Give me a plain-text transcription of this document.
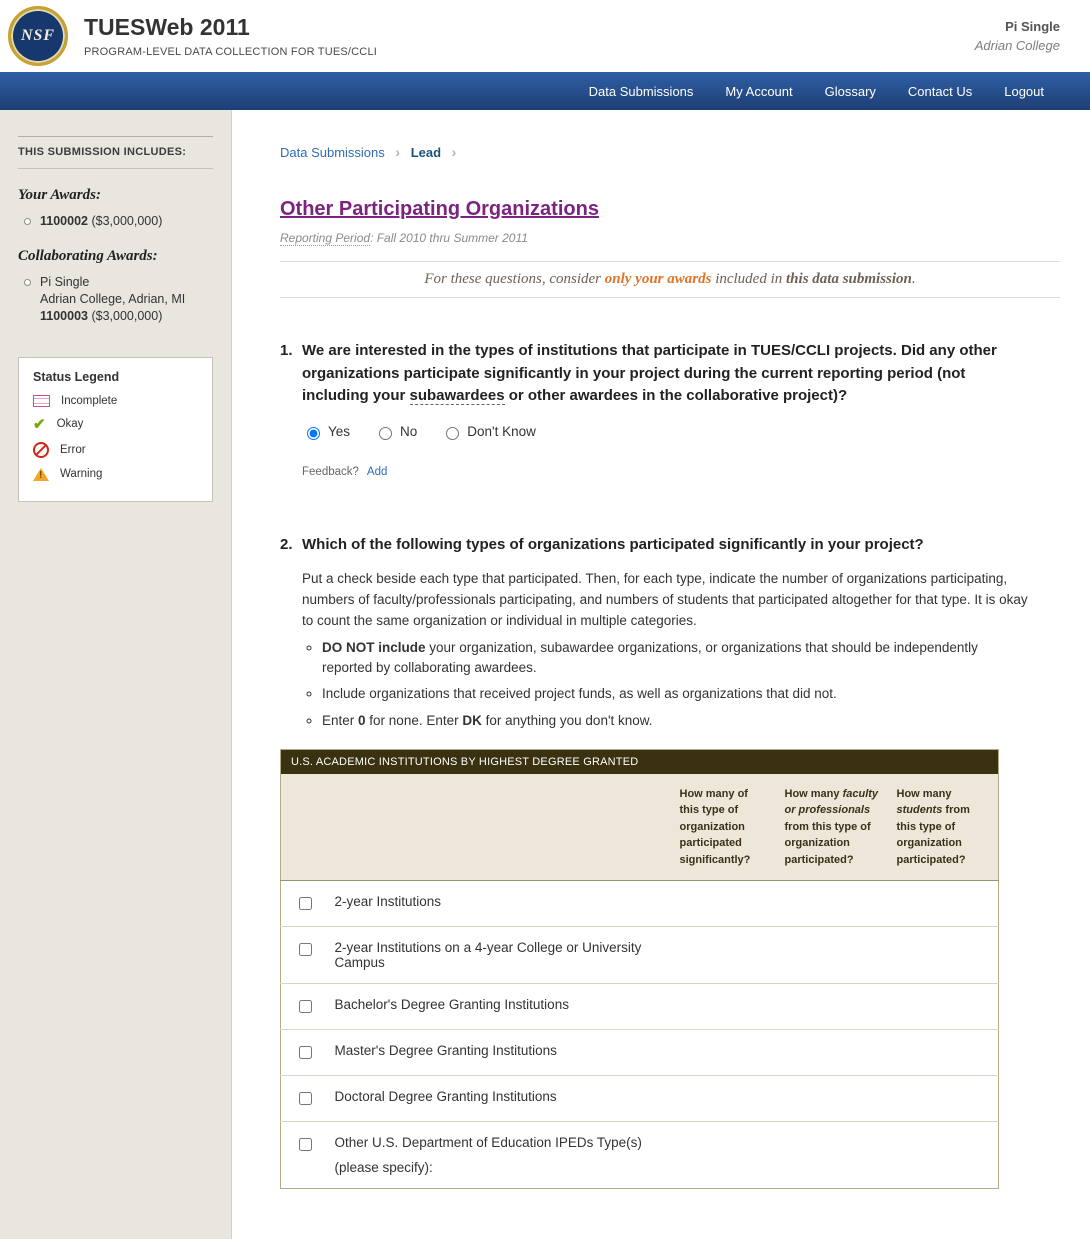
NSF	TUESWeb 2011
PROGRAM-LEVEL DATA COLLECTION FOR TUES/CCLI
Pi Single
Adrian College
Data Submissions	My Account	Glossary	Contact Us	Logout
THIS SUBMISSION INCLUDES:
Your Awards:
1100002 ($3,000,000)
Collaborating Awards:
Pi Single
Adrian College, Adrian, MI
1100003 ($3,000,000)
Status Legend
Incomplete
✔ Okay
Error
!
Warning
Data Submissions › Lead ›
Other Participating Organizations
Reporting Period: Fall 2010 thru Summer 2011
For these questions, consider only your awards included in this data submission.
1. We are interested in the types of institutions that participate in TUES/CCLI projects. Did any other organizations participate significantly in your project during the current reporting period (not including your subawardees or other awardees in the collaborative project)?
Yes	No	Don't Know
Feedback? Add
2. Which of the following types of organizations participated significantly in your project?
Put a check beside each type that participated. Then, for each type, indicate the number of organizations participating, numbers of faculty/professionals participating, and numbers of students that participated altogether for that type. It is okay to count the same organization or individual in multiple categories.
◦ DO NOT include your organization, subawardee organizations, or organizations that should be independently reported by collaborating awardees.
◦ Include organizations that received project funds, as well as organizations that did not.
◦ Enter 0 for none. Enter DK for anything you don't know.
U.S. ACADEMIC INSTITUTIONS BY HIGHEST DEGREE GRANTED				
		How many of this type of organization participated significantly?	How many faculty or professionals from this type of organization participated?	How many students from this type of organization participated?
	2-year Institutions			
	2-year Institutions on a 4-year College or University Campus			
	Bachelor's Degree Granting Institutions			
	Master's Degree Granting Institutions			
	Doctoral Degree Granting Institutions			

Other U.S. Department of Education IPEDs Type(s)
(please specify):			
